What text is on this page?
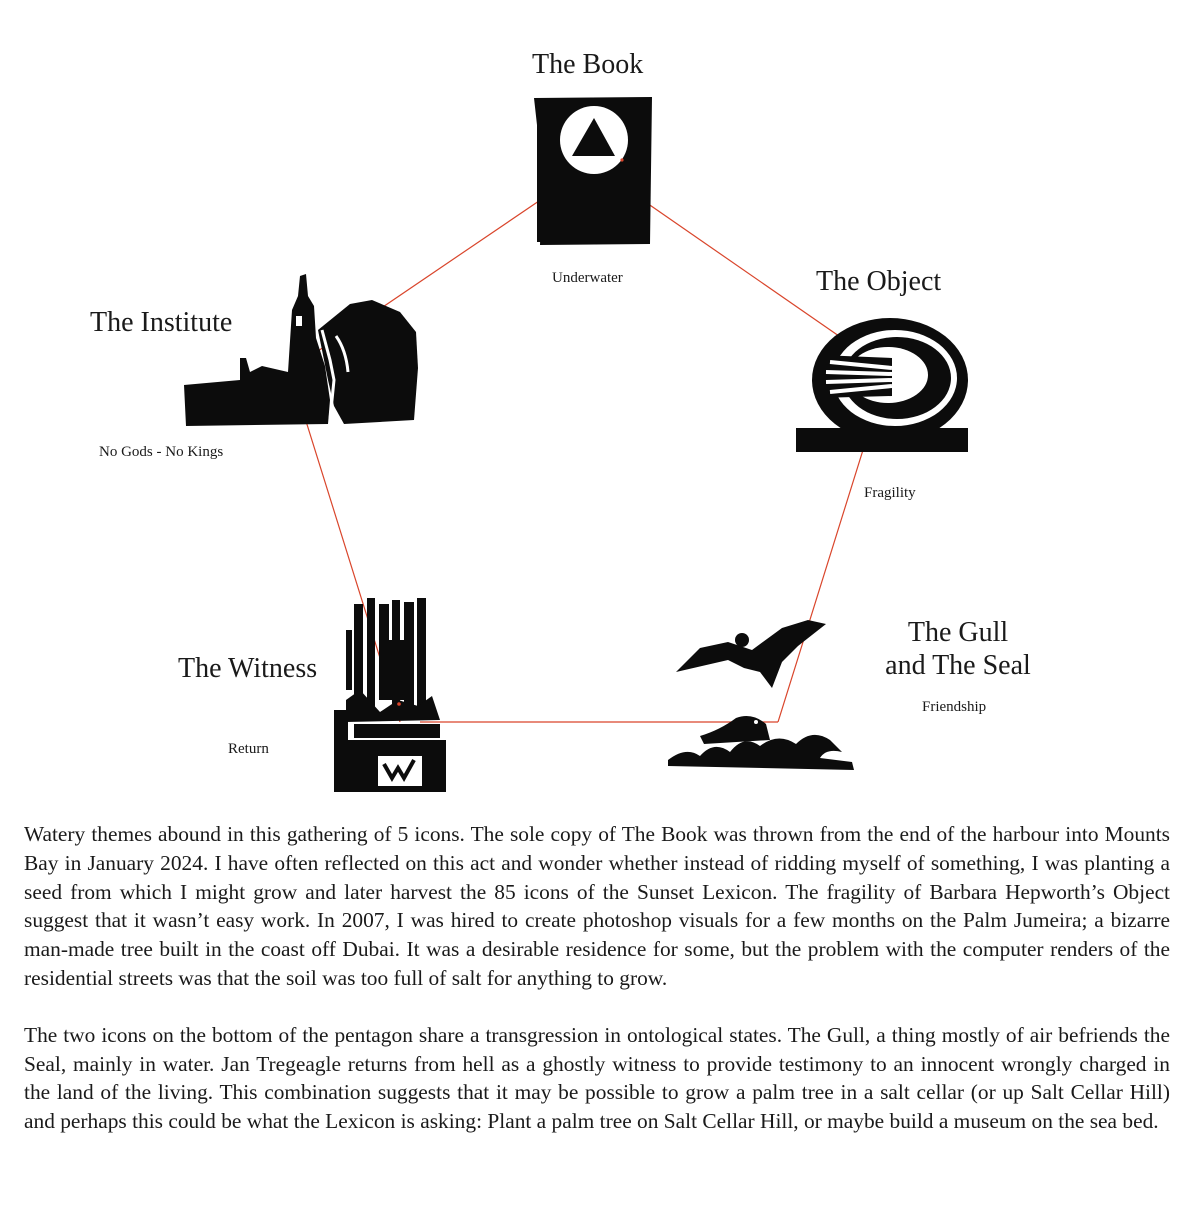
The Book
Underwater	The Object
Fragility
The Gull
and The Seal
Friendship
The Witness
Return
The Institute
No Gods - No Kings

Watery themes abound in this gathering of 5 icons. The sole copy of The Book was thrown from the end of the harbour into Mounts Bay in January 2024. I have often reflected on this act and wonder whether instead of ridding myself of something, I was planting a seed from which I might grow and later harvest the 85 icons of the Sunset Lexicon. The fragility of Barbara Hepworth’s Object suggest that it wasn’t easy work. In 2007, I was hired to create photoshop visuals for a few months on the Palm Jumeira; a bizarre man-made tree built in the coast off Dubai. It was a desirable residence for some, but the problem with the computer renders of the residential streets was that the soil was too full of salt for anything to grow.

The two icons on the bottom of the pentagon share a transgression in ontological states. The Gull, a thing mostly of air befriends the Seal, mainly in water. Jan Tregeagle returns from hell as a ghostly witness to provide testimony to an innocent wrongly charged in the land of the living. This combination suggests that it may be possible to grow a palm tree in a salt cellar (or up Salt Cellar Hill) and perhaps this could be what the Lexicon is asking: Plant a palm tree on Salt Cellar Hill, or maybe build a museum on the sea bed.
